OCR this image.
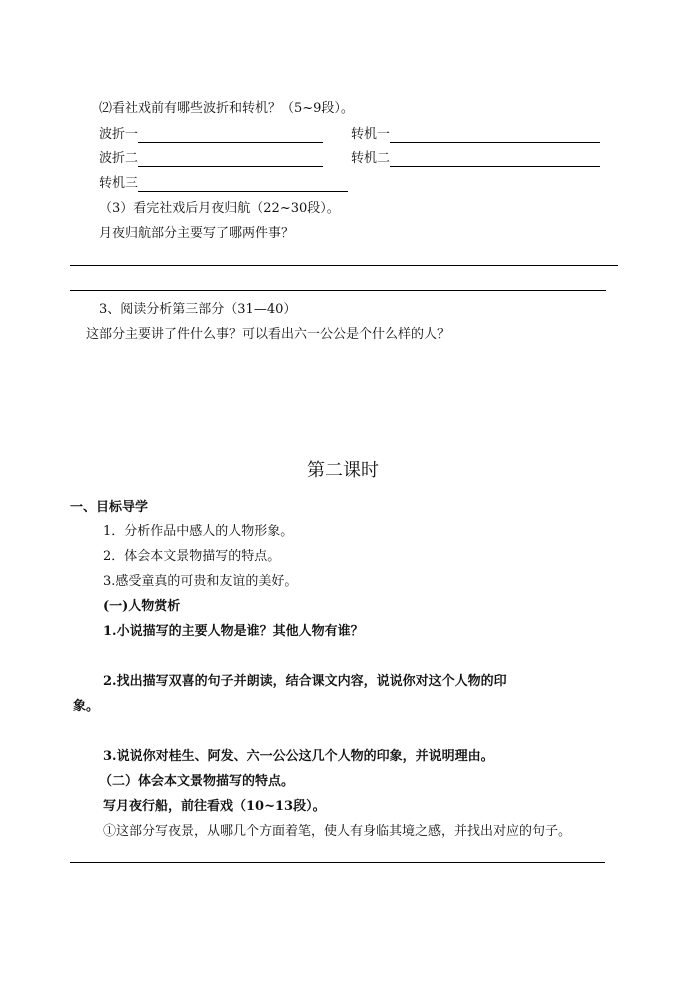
⑵看社戏前有哪些波折和转机？（5~9段）。
波折一	转机一
波折二	转机二
转机三
（3）看完社戏后月夜归航（22~30段）。
月夜归航部分主要写了哪两件事？
3、阅读分析第三部分（31—40）
这部分主要讲了件什么事？可以看出六一公公是个什么样的人？
第二课时
一、目标导学
1．分析作品中感人的人物形象。
2．体会本文景物描写的特点。
3.感受童真的可贵和友谊的美好。
(一)人物赏析
1.小说描写的主要人物是谁？其他人物有谁？
2.找出描写双喜的句子并朗读，结合课文内容，说说你对这个人物的印
象。
3.说说你对桂生、阿发、六一公公这几个人物的印象，并说明理由。
（二）体会本文景物描写的特点。
写月夜行船，前往看戏（10~13段）。
①这部分写夜景，从哪几个方面着笔，使人有身临其境之感，并找出对应的句子。
